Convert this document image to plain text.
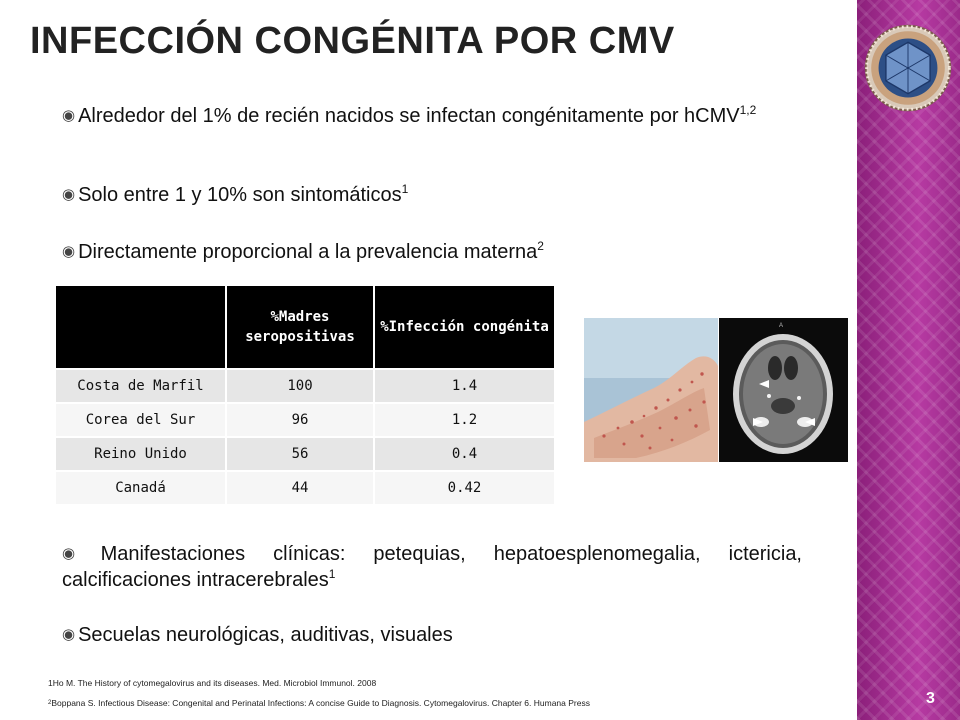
INFECCIÓN CONGÉNITA POR CMV
◉ Alrededor del 1% de recién nacidos se infectan congénitamente por hCMV$^{1,2}$
◉ Solo entre 1 y 10% son sintomáticos$^1$
◉ Directamente proporcional a la prevalencia materna$^2$
	%Madres seropositivas	%Infección congénita
Costa de Marfil	100	1.4
Corea del Sur	96	1.2
Reino Unido	56	0.4
Canadá	44	0.42
A
◉ Manifestaciones clínicas: petequias, hepatoesplenomegalia, ictericia, calcificaciones intracerebrales$^1$
◉ Secuelas neurológicas, auditivas, visuales
1Ho M. The History of cytomegalovirus and its diseases. Med. Microbiol Immunol. 2008
$^2$Boppana S. Infectious Disease: Congenital and Perinatal Infections: A concise Guide to Diagnosis. Cytomegalovirus. Chapter 6. Humana Press	3
